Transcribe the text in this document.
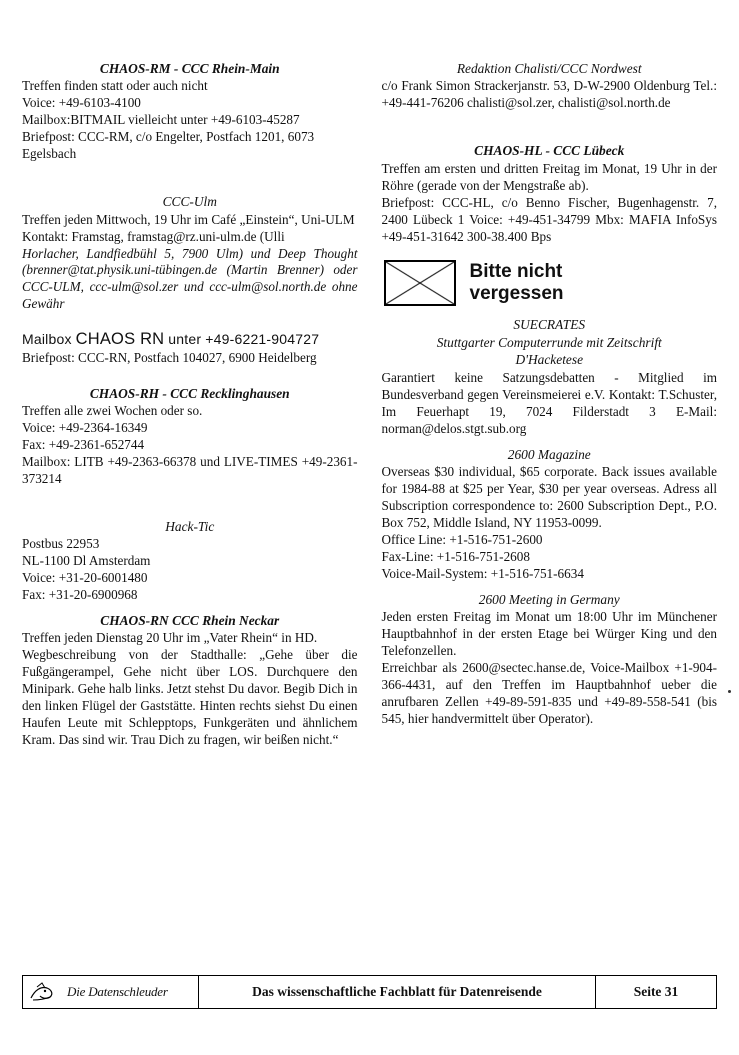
CHAOS-RM - CCC Rhein-Main

Treffen finden statt oder auch nicht

Voice: +49-6103-4100

Mailbox:BITMAIL vielleicht unter +49-6103-45287

Briefpost: CCC-RM, c/o Engelter, Postfach 1201, 6073 Egelsbach

CCC-Ulm

Treffen jeden Mittwoch, 19 Uhr im Café „Einstein“, Uni-ULM

Kontakt: Framstag, framstag@rz.uni-ulm.de (Ulli

Horlacher, Landfiedbühl 5, 7900 Ulm) und Deep Thought (brenner@tat.physik.uni-tübingen.de (Martin Brenner) oder CCC-ULM, ccc-ulm@sol.zer und ccc-ulm@sol.north.de ohne Gewähr

Mailbox CHAOS RN unter +49-6221-904727

Briefpost: CCC-RN, Postfach 104027, 6900 Heidelberg

CHAOS-RH - CCC Recklinghausen

Treffen alle zwei Wochen oder so.

Voice: +49-2364-16349

Fax: +49-2361-652744

Mailbox: LITB +49-2363-66378 und LIVE-TIMES +49-2361-373214

Hack-Tic

Postbus 22953

NL-1100 Dl Amsterdam

Voice: +31-20-6001480

Fax: +31-20-6900968

CHAOS-RN CCC Rhein Neckar

Treffen jeden Dienstag 20 Uhr im „Vater Rhein“ in HD.

Wegbeschreibung von der Stadthalle: „Gehe über die Fußgängerampel, Gehe nicht über LOS. Durchquere den Minipark. Gehe halb links. Jetzt stehst Du davor. Begib Dich in den linken Flügel der Gaststätte. Hinten rechts siehst Du einen Haufen Leute mit Schlepptops, Funkgeräten und ähnlichem Kram. Das sind wir. Trau Dich zu fragen, wir beißen nicht.“

Redaktion Chalisti/CCC Nordwest

c/o Frank Simon Strackerjanstr. 53, D-W-2900 Oldenburg Tel.: +49-441-76206 chalisti@sol.zer, chalisti@sol.north.de

CHAOS-HL - CCC Lübeck

Treffen am ersten und dritten Freitag im Monat, 19 Uhr in der Röhre (gerade von der Mengstraße ab).

Briefpost: CCC-HL, c/o Benno Fischer, Bugenhagenstr. 7, 2400 Lübeck 1 Voice: +49-451-34799 Mbx: MAFIA InfoSys +49-451-31642 300-38.400 Bps

Bitte nicht
vergessen
SUECRATES
Stuttgarter Computerrunde mit Zeitschrift
D'Hacketese

Garantiert keine Satzungsdebatten - Mitglied im Bundesverband gegen Vereinsmeierei e.V. Kontakt: T.Schuster, Im Feuerhapt 19, 7024 Filderstadt 3 E-Mail: norman@delos.stgt.sub.org

2600 Magazine

Overseas $30 individual, $65 corporate. Back issues available for 1984-88 at $25 per Year, $30 per year overseas. Adress all Subscription correspondence to: 2600 Subscription Dept., P.O. Box 752, Middle Island, NY 11953-0099.

Office Line: +1-516-751-2600

Fax-Line: +1-516-751-2608

Voice-Mail-System: +1-516-751-6634

2600 Meeting in Germany

Jeden ersten Freitag im Monat um 18:00 Uhr im Münchener Hauptbahnhof in der ersten Etage bei Würger King und den Telefonzellen.

Erreichbar als 2600@sectec.hanse.de, Voice-Mailbox +1-904-366-4431, auf den Treffen im Hauptbahnhof ueber die anrufbaren Zellen +49-89-591-835 und +49-89-558-541 (bis 545, hier handvermittelt über Operator).

Die Datenschleuder	Das wissenschaftliche Fachblatt für Datenreisende	Seite 31
